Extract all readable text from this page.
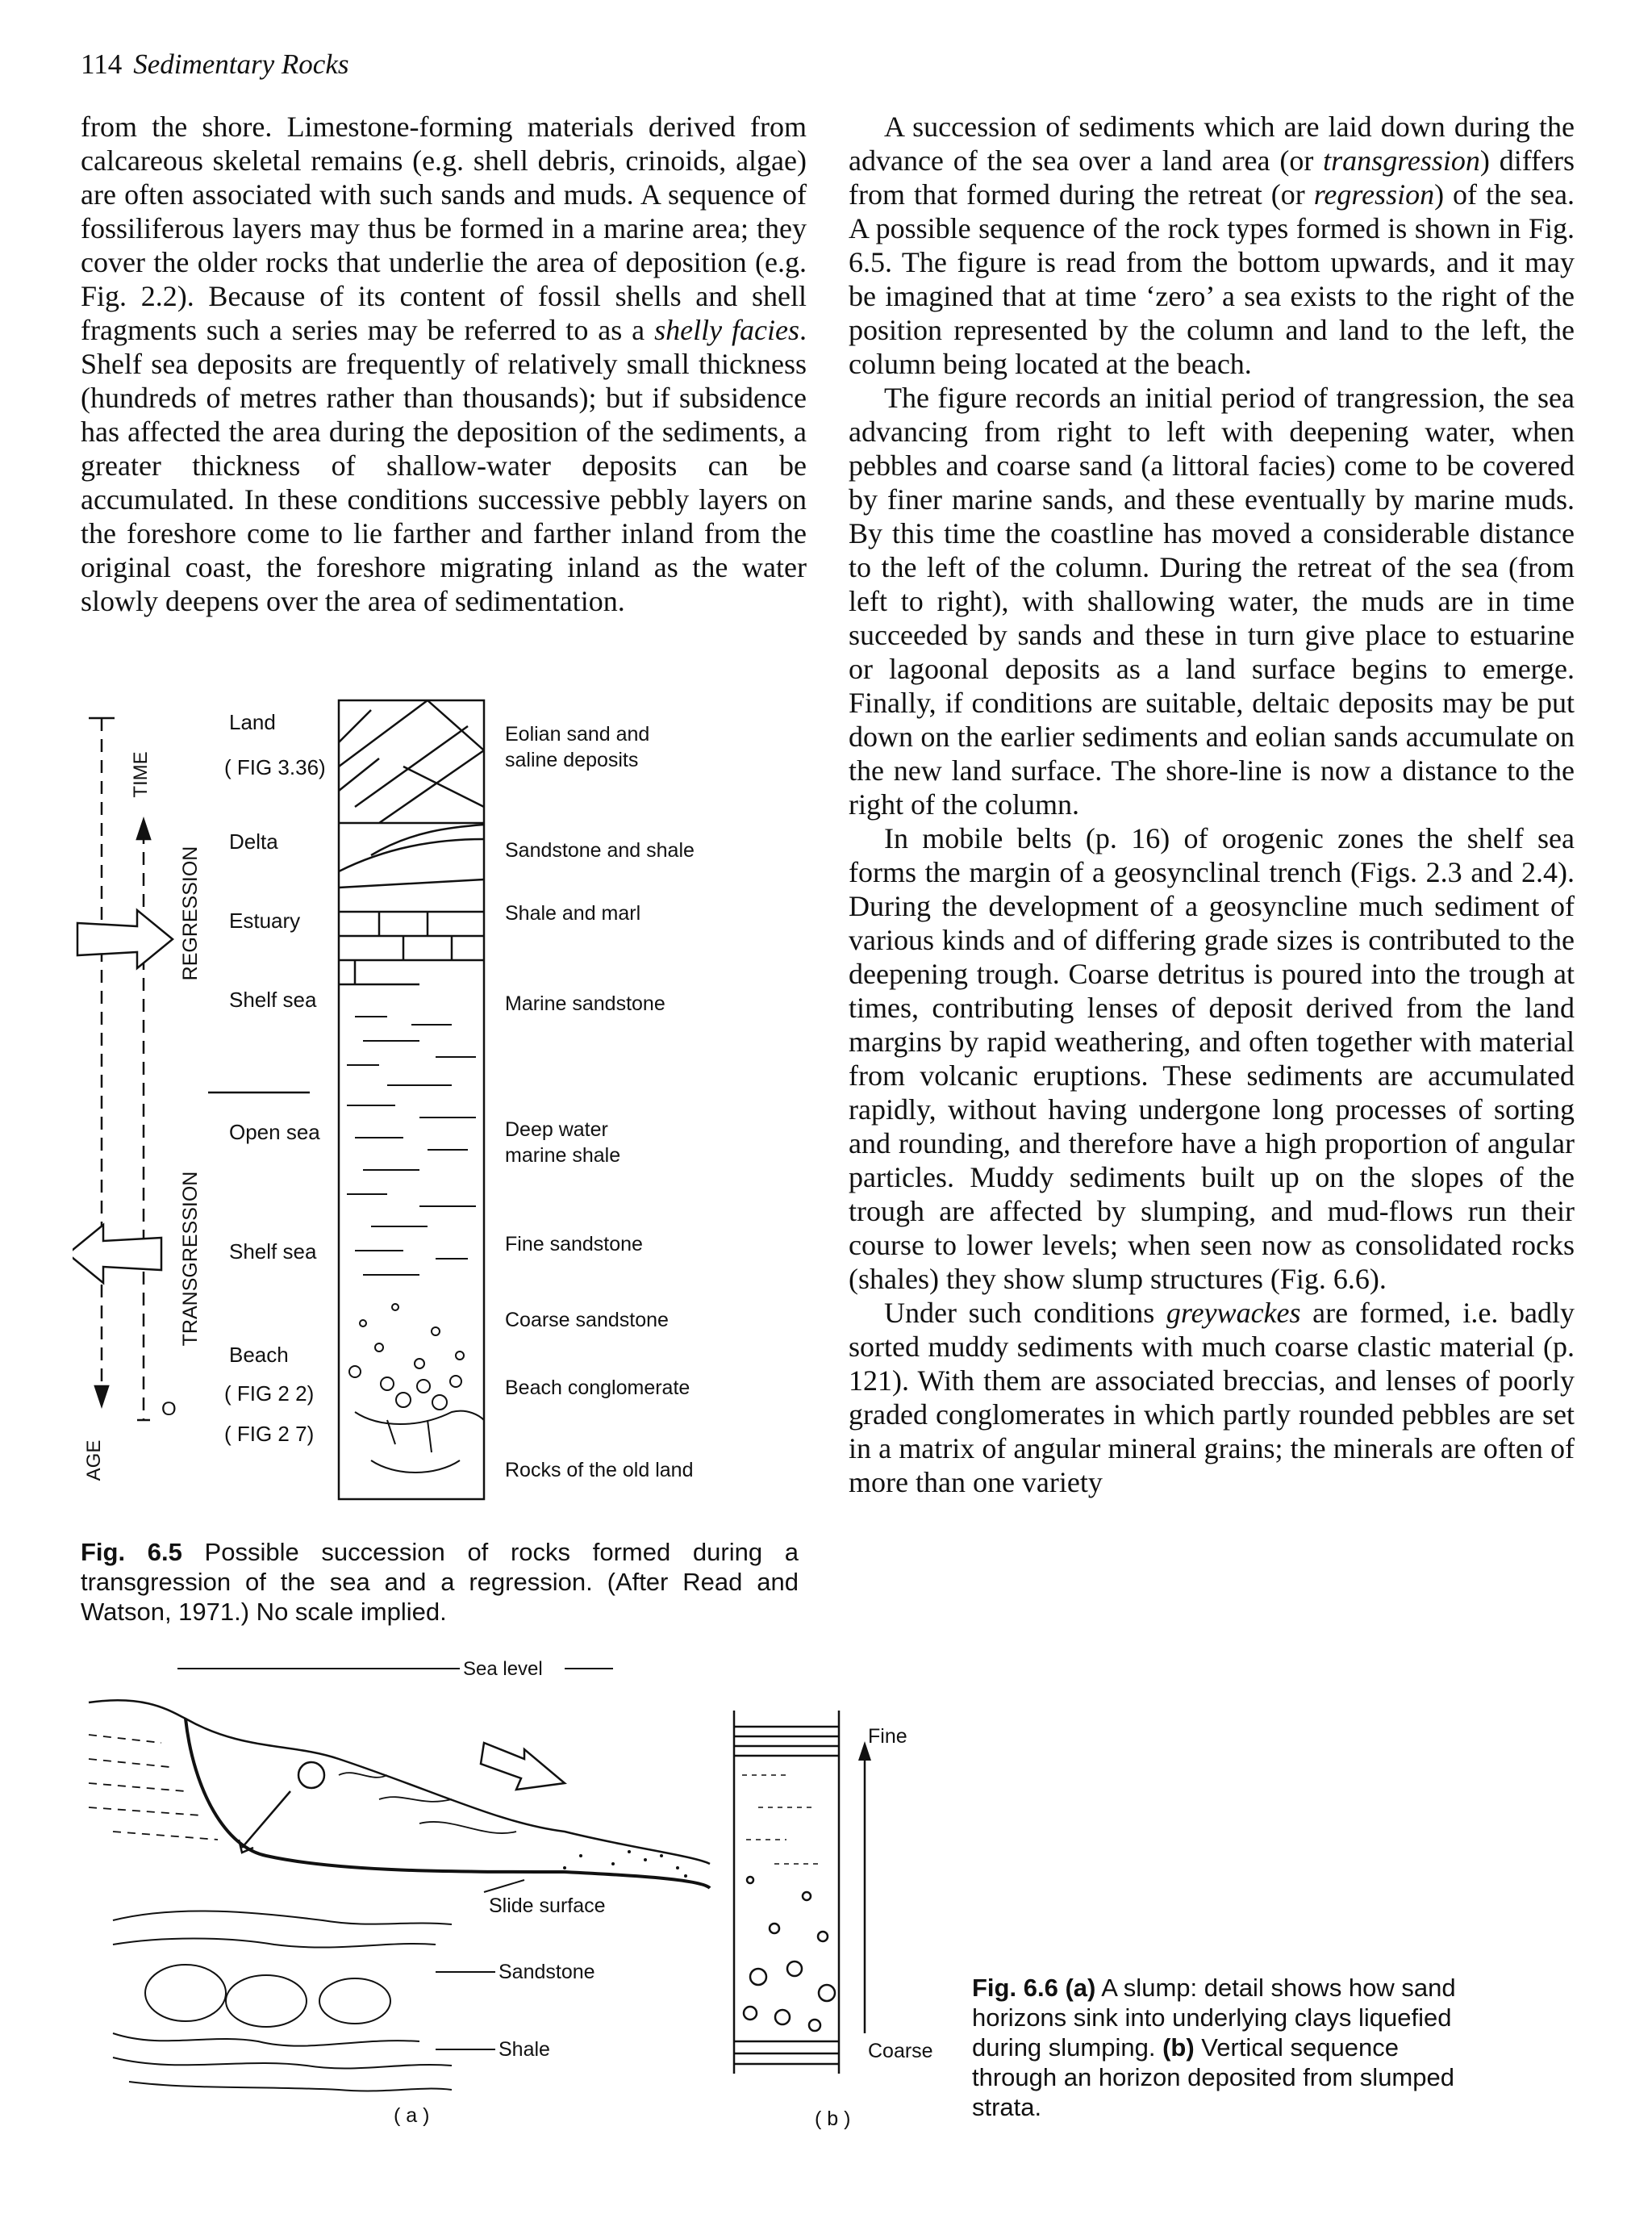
114 Sedimentary Rocks

from the shore. Limestone-forming materials derived from calcareous skeletal remains (e.g. shell debris, crinoids, algae) are often associated with such sands and muds. A sequence of fossiliferous layers may thus be formed in a marine area; they cover the older rocks that underlie the area of deposition (e.g. Fig. 2.2). Because of its content of fossil shells and shell fragments such a series may be referred to as a shelly facies. Shelf sea deposits are frequently of relatively small thickness (hundreds of metres rather than thousands); but if subsidence has affected the area during the deposition of the sediments, a greater thickness of shallow-water deposits can be accumulated. In these conditions successive pebbly layers on the foreshore come to lie farther and farther inland from the original coast, the foreshore migrating inland as the water slowly deepens over the area of sedimentation.

A succession of sediments which are laid down during the advance of the sea over a land area (or transgression) differs from that formed during the retreat (or regression) of the sea. A possible sequence of the rock types formed is shown in Fig. 6.5. The figure is read from the bottom upwards, and it may be imagined that at time ‘zero’ a sea exists to the right of the position represented by the column and land to the left, the column being located at the beach.

The figure records an initial period of trangression, the sea advancing from right to left with deepening water, when pebbles and coarse sand (a littoral facies) come to be covered by finer marine sands, and these eventually by marine muds. By this time the coastline has moved a considerable distance to the left of the column. During the retreat of the sea (from left to right), with shallowing water, the muds are in time succeeded by sands and these in turn give place to estuarine or lagoonal deposits as a land surface begins to emerge. Finally, if conditions are suitable, deltaic deposits may be put down on the earlier sediments and eolian sands accumulate on the new land surface. The shore-line is now a distance to the right of the column.

In mobile belts (p. 16) of orogenic zones the shelf sea forms the margin of a geosynclinal trench (Figs. 2.3 and 2.4). During the development of a geosyncline much sediment of various kinds and of differing grade sizes is contributed to the deepening trough. Coarse detritus is poured into the trough at times, contributing lenses of deposit derived from the land margins by rapid weathering, and often together with material from volcanic eruptions. These sediments are accumulated rapidly, without having undergone long processes of sorting and rounding, and therefore have a high proportion of angular particles. Muddy sediments built up on the slopes of the trough are affected by slumping, and mud-flows run their course to lower levels; when seen now as consolidated rocks (shales) they show slump structures (Fig. 6.6).

Under such conditions greywackes are formed, i.e. badly sorted muddy sediments with much coarse clastic material (p. 121). With them are associated breccias, and lenses of poorly graded conglomerates in which partly rounded pebbles are set in a matrix of angular mineral grains; the minerals are often of more than one variety

TIME
AGE
O
REGRESSION
TRANSGRESSION
Land
( FIG 3.36)
Delta
Estuary
Shelf sea
Open sea
Shelf sea
Beach
( FIG 2 2)
( FIG 2 7)
Eolian sand and
saline deposits
Sandstone and shale
Shale and marl
Marine sandstone
Deep water
marine shale
Fine sandstone
Coarse sandstone
Beach conglomerate
Rocks of the old land
Fig. 6.5 Possible succession of rocks formed during a transgression of the sea and a regression. (After Read and Watson, 1971.) No scale implied.
Sea level
Slide surface
Sandstone
Shale
( a )
Fine
Coarse
( b )
Fig. 6.6 (a) A slump: detail shows how sand horizons sink into underlying clays liquefied during slumping. (b) Vertical sequence through an horizon deposited from slumped strata.
